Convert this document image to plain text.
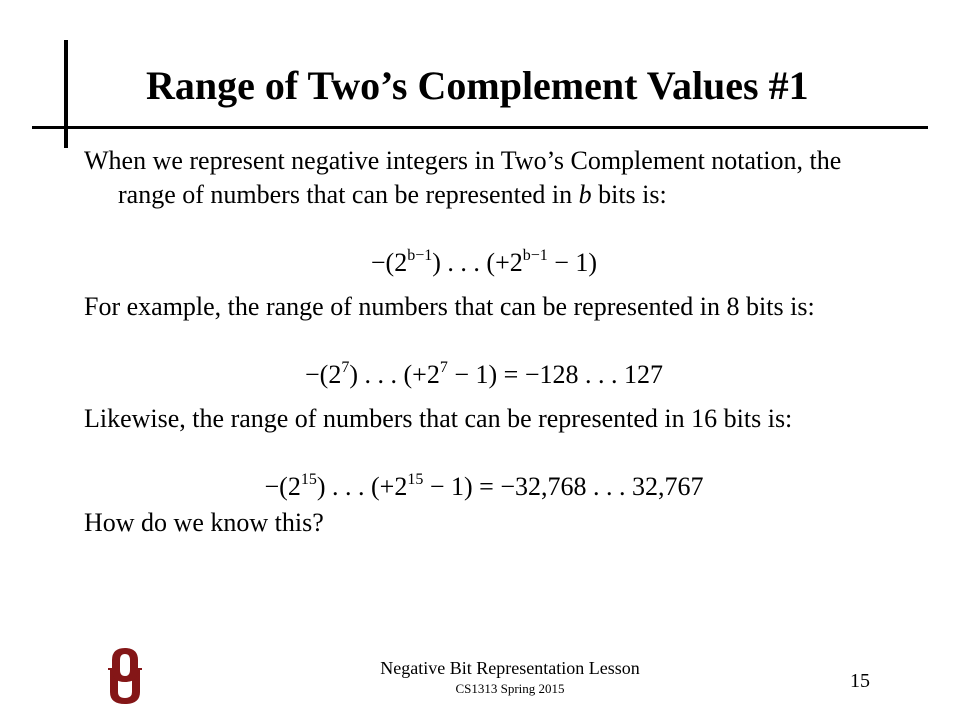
Range of Two’s Complement Values #1

When we represent negative integers in Two’s Complement notation, the range of numbers that can be represented in b bits is:

$-(2^{b-1})$ . . . $(+2^{b-1} - 1)$

For example, the range of numbers that can be represented in 8 bits is:

$-(2^7)$ . . . $(+2^7 - 1) = -128$ . . . 127

Likewise, the range of numbers that can be represented in 16 bits is:

$-(2^{15})$ . . . $(+2^{15} - 1) = -32,768$ . . . 32,767

How do we know this?

Negative Bit Representation Lesson
CS1313 Spring 2015	15
